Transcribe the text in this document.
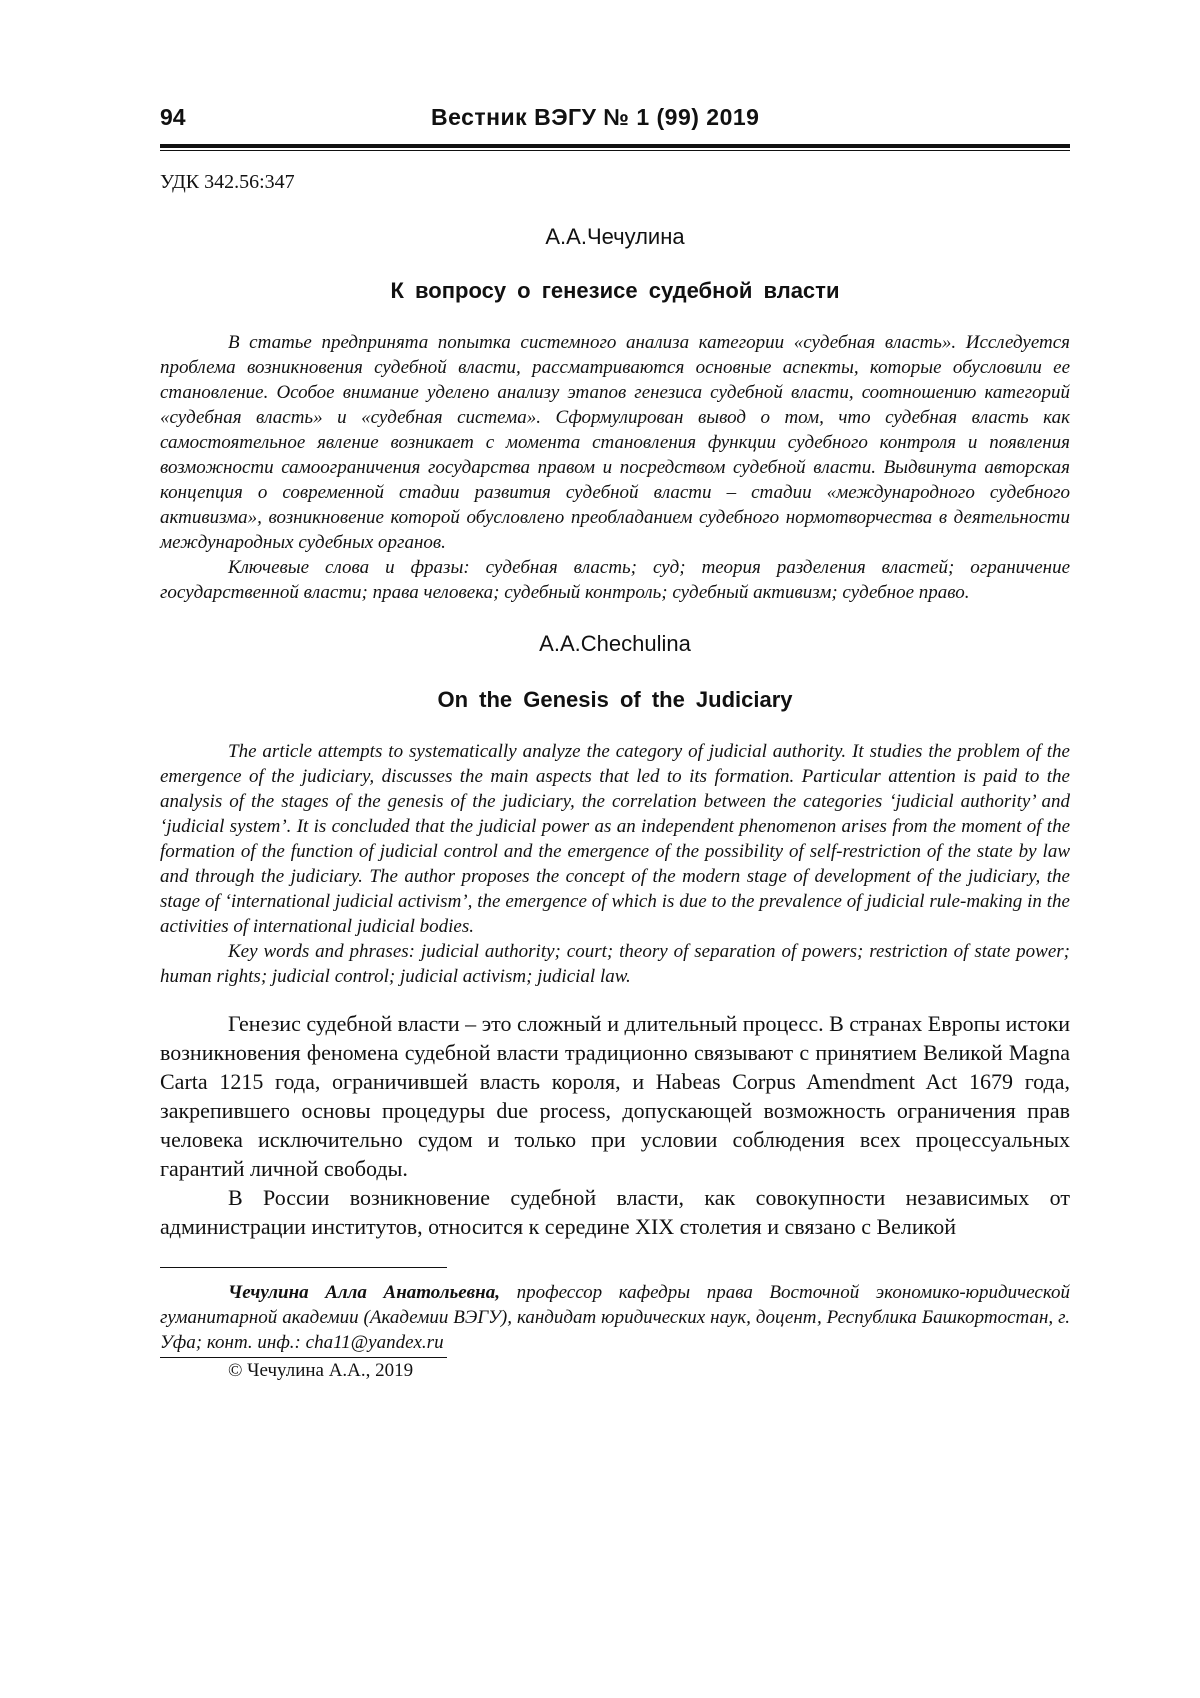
94	Вестник ВЭГУ № 1 (99) 2019
УДК 342.56:347
А.А.Чечулина
К вопросу о генезисе судебной власти

В статье предпринята попытка системного анализа категории «судебная власть». Исследуется проблема возникновения судебной власти, рассматриваются основные аспекты, которые обусловили ее становление. Особое внимание уделено анализу этапов генезиса судебной власти, соотношению категорий «судебная власть» и «судебная система». Сформулирован вывод о том, что судебная власть как самостоятельное явление возникает с момента становления функции судебного контроля и появления возможности самоограничения государства правом и посредством судебной власти. Выдвинута авторская концепция о современной стадии развития судебной власти – стадии «международного судебного активизма», возникновение которой обусловлено преобладанием судебного нормотворчества в деятельности международных судебных органов.

Ключевые слова и фразы: судебная власть; суд; теория разделения властей; ограничение государственной власти; права человека; судебный контроль; судебный активизм; судебное право.

A.A.Chechulina
On the Genesis of the Judiciary

The article attempts to systematically analyze the category of judicial authority. It studies the problem of the emergence of the judiciary, discusses the main aspects that led to its formation. Particular attention is paid to the analysis of the stages of the genesis of the judiciary, the correlation between the categories ‘judicial authority’ and ‘judicial system’. It is concluded that the judicial power as an independent phenomenon arises from the moment of the formation of the function of judicial control and the emergence of the possibility of self-restriction of the state by law and through the judiciary. The author proposes the concept of the modern stage of development of the judiciary, the stage of ‘international judicial activism’, the emergence of which is due to the prevalence of judicial rule-making in the activities of international judicial bodies.

Key words and phrases: judicial authority; court; theory of separation of powers; restriction of state power; human rights; judicial control; judicial activism; judicial law.

Генезис судебной власти – это сложный и длительный процесс. В странах Европы истоки возникновения феномена судебной власти традиционно связывают с принятием Великой Magna Carta 1215 года, ограничившей власть короля, и Habeas Corpus Amendment Act 1679 года, закрепившего основы процедуры due process, допускающей возможность ограничения прав человека исключительно судом и только при условии соблюдения всех процессуальных гарантий личной свободы.

В России возникновение судебной власти, как совокупности независимых от администрации институтов, относится к середине XIX столетия и связано с Великой

Чечулина Алла Анатольевна, профессор кафедры права Восточной экономико-юридической гуманитарной академии (Академии ВЭГУ), кандидат юридических наук, доцент, Республика Башкортостан, г. Уфа; конт. инф.: cha11@yandex.ru
© Чечулина А.А., 2019
